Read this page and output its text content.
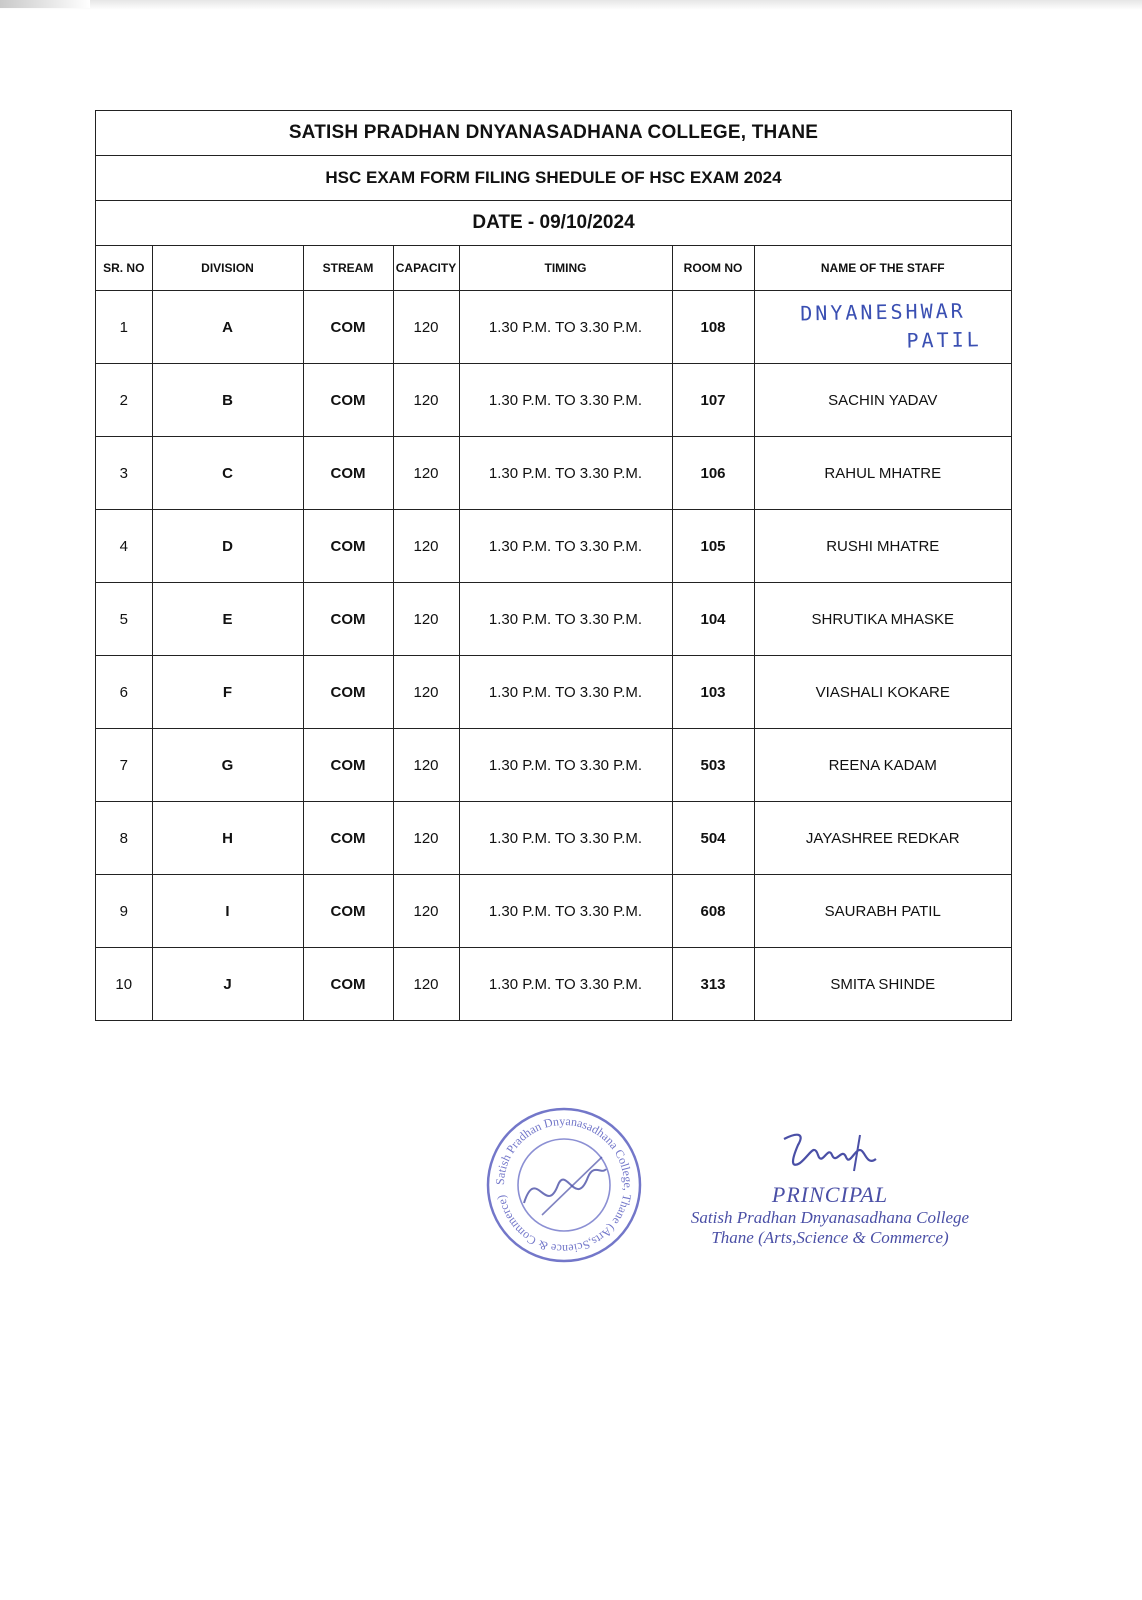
SATISH PRADHAN DNYANASADHANA COLLEGE, THANE
HSC EXAM FORM FILING SHEDULE OF HSC EXAM 2024
DATE - 09/10/2024
SR. NO	DIVISION	STREAM	CAPACITY	TIMING	ROOM NO	NAME OF THE STAFF
1	A	COM	120	1.30 P.M. TO 3.30 P.M.	108	DNYANESHWAR
PATIL

2	B	COM	120	1.30 P.M. TO 3.30 P.M.	107	SACHIN YADAV
3	C	COM	120	1.30 P.M. TO 3.30 P.M.	106	RAHUL MHATRE
4	D	COM	120	1.30 P.M. TO 3.30 P.M.	105	RUSHI MHATRE
5	E	COM	120	1.30 P.M. TO 3.30 P.M.	104	SHRUTIKA MHASKE
6	F	COM	120	1.30 P.M. TO 3.30 P.M.	103	VIASHALI KOKARE
7	G	COM	120	1.30 P.M. TO 3.30 P.M.	503	REENA KADAM
8	H	COM	120	1.30 P.M. TO 3.30 P.M.	504	JAYASHREE REDKAR
9	I	COM	120	1.30 P.M. TO 3.30 P.M.	608	SAURABH PATIL
10	J	COM	120	1.30 P.M. TO 3.30 P.M.	313	SMITA SHINDE
Satish Pradhan Dnyanasadhana College, Thane (Arts,Science & Commerce)	PRINCIPAL
Satish Pradhan Dnyanasadhana College
Thane (Arts,Science & Commerce)
